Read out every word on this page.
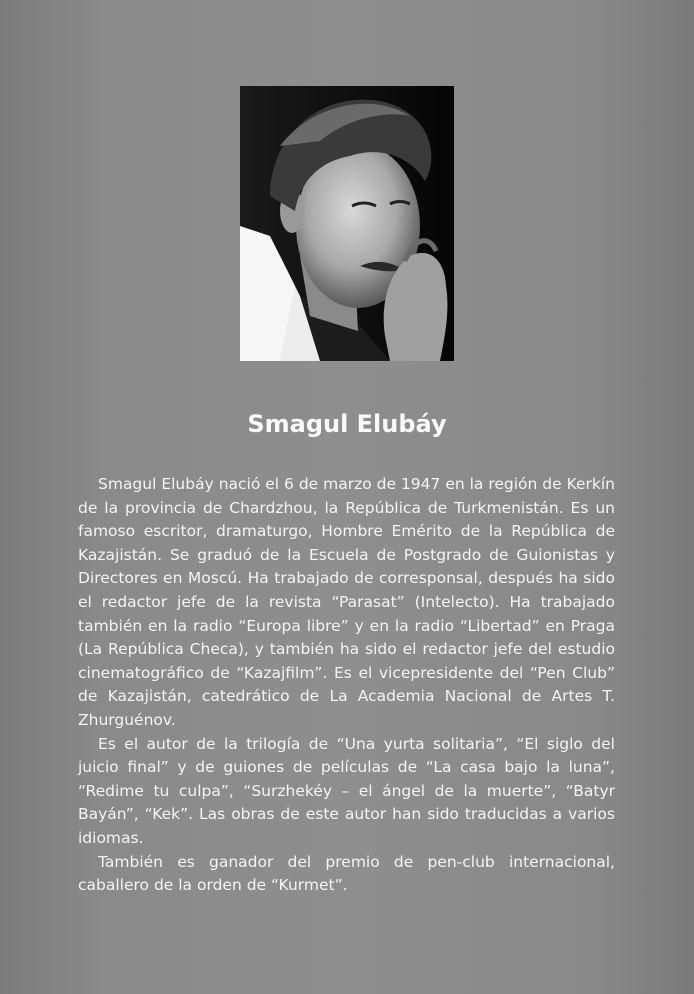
Smagul Elubáy

Smagul Elubáy nació el 6 de marzo de 1947 en la región de Kerkín de la provincia de Chardzhou, la República de Turkmenistán. Es un famoso escritor, dramaturgo, Hombre Emérito de la República de Kazajistán. Se graduó de la Escuela de Postgrado de Guionistas y Directores en Moscú. Ha trabajado de corresponsal, después ha sido el redactor jefe de la revista “Parasat” (Intelecto). Ha trabajado también en la radio “Europa libre” y en la radio “Libertad” en Praga (La República Checa), y también ha sido el redactor jefe del estudio cinematográfico de “Kazajfilm”. Es el vicepresidente del “Pen Club” de Kazajistán, catedrático de La Academia Nacional de Artes T. Zhurguénov.

Es el autor de la trilogía de “Una yurta solitaria”, “El siglo del juicio final” y de guiones de películas de “La casa bajo la luna”, “Redime tu culpa”, “Surzhekéy – el ángel de la muerte”, “Batyr Bayán”, “Kek”. Las obras de este autor han sido traducidas a varios idiomas.

También es ganador del premio de pen-club internacional, caballero de la orden de “Kurmet”.
